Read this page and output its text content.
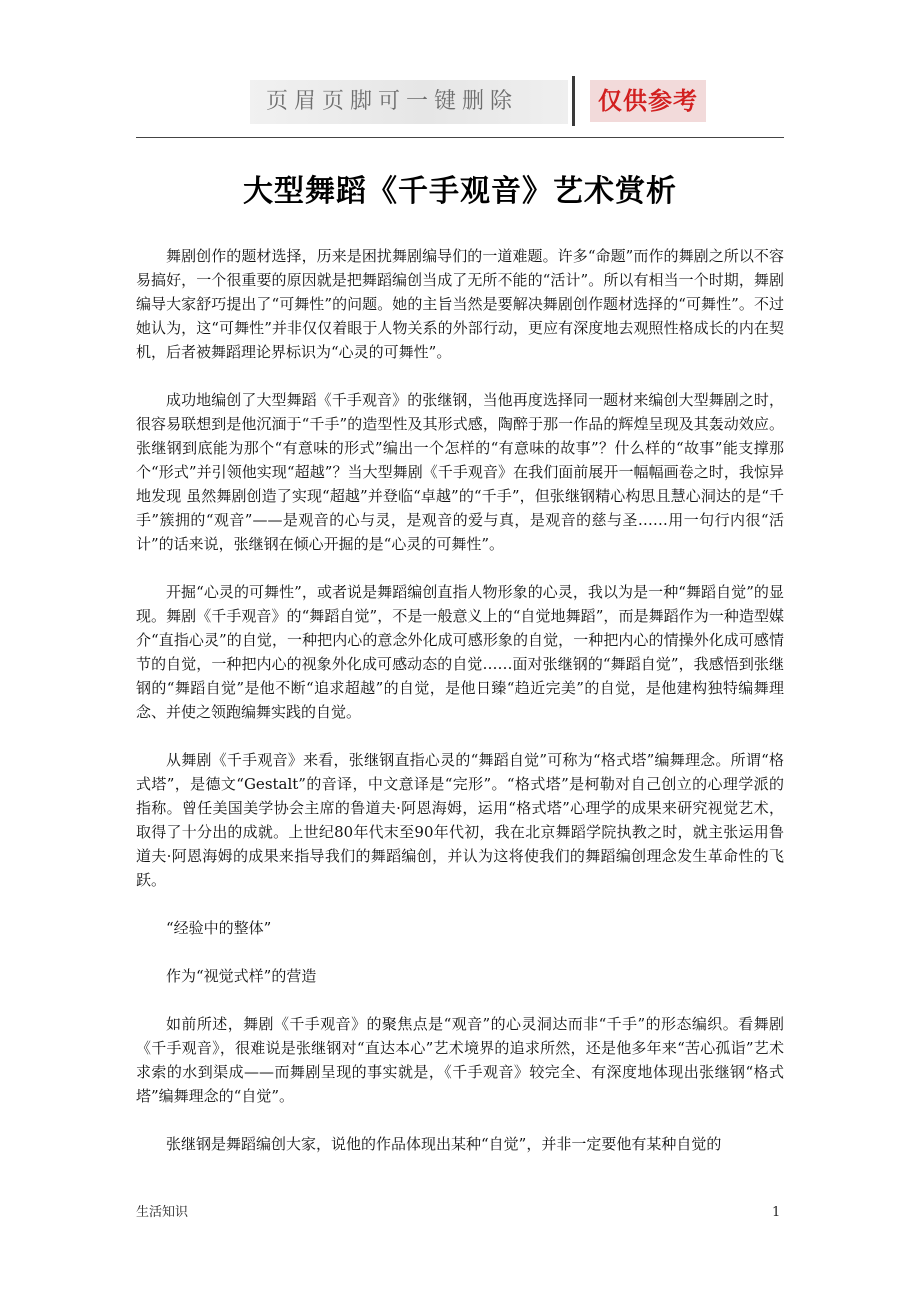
页眉页脚可一键删除	仅供参考
大型舞蹈《千手观音》艺术赏析

舞剧创作的题材选择，历来是困扰舞剧编导们的一道难题。许多“命题”而作的舞剧之所以不容易搞好，一个很重要的原因就是把舞蹈编创当成了无所不能的“活计”。所以有相当一个时期，舞剧编导大家舒巧提出了“可舞性”的问题。她的主旨当然是要解决舞剧创作题材选择的“可舞性”。不过她认为，这“可舞性”并非仅仅着眼于人物关系的外部行动，更应有深度地去观照性格成长的内在契机，后者被舞蹈理论界标识为“心灵的可舞性”。

成功地编创了大型舞蹈《千手观音》的张继钢，当他再度选择同一题材来编创大型舞剧之时，很容易联想到是他沉湎于“千手”的造型性及其形式感，陶醉于那一作品的辉煌呈现及其轰动效应。张继钢到底能为那个“有意味的形式”编出一个怎样的“有意味的故事”？什么样的“故事”能支撑那个“形式”并引领他实现“超越”？当大型舞剧《千手观音》在我们面前展开一幅幅画卷之时，我惊异地发现 虽然舞剧创造了实现“超越”并登临“卓越”的“千手”，但张继钢精心构思且慧心洞达的是“千手”簇拥的“观音”——是观音的心与灵，是观音的爱与真，是观音的慈与圣……用一句行内很“活计”的话来说，张继钢在倾心开掘的是“心灵的可舞性”。

开掘“心灵的可舞性”，或者说是舞蹈编创直指人物形象的心灵，我以为是一种“舞蹈自觉”的显现。舞剧《千手观音》的“舞蹈自觉”，不是一般意义上的“自觉地舞蹈”，而是舞蹈作为一种造型媒介“直指心灵”的自觉，一种把内心的意念外化成可感形象的自觉，一种把内心的情操外化成可感情节的自觉，一种把内心的视象外化成可感动态的自觉……面对张继钢的“舞蹈自觉”，我感悟到张继钢的“舞蹈自觉”是他不断“追求超越”的自觉，是他日臻“趋近完美”的自觉，是他建构独特编舞理念、并使之领跑编舞实践的自觉。

从舞剧《千手观音》来看，张继钢直指心灵的“舞蹈自觉”可称为“格式塔”编舞理念。所谓“格式塔”，是德文“Gestalt”的音译，中文意译是“完形”。“格式塔”是柯勒对自己创立的心理学派的指称。曾任美国美学协会主席的鲁道夫·阿恩海姆，运用“格式塔”心理学的成果来研究视觉艺术，取得了十分出的成就。上世纪80年代末至90年代初，我在北京舞蹈学院执教之时，就主张运用鲁道夫·阿恩海姆的成果来指导我们的舞蹈编创，并认为这将使我们的舞蹈编创理念发生革命性的飞跃。

“经验中的整体”

作为“视觉式样”的营造

如前所述，舞剧《千手观音》的聚焦点是“观音”的心灵洞达而非“千手”的形态编织。看舞剧《千手观音》，很难说是张继钢对“直达本心”艺术境界的追求所然，还是他多年来“苦心孤诣”艺术求索的水到渠成——而舞剧呈现的事实就是，《千手观音》较完全、有深度地体现出张继钢“格式塔”编舞理念的“自觉”。

张继钢是舞蹈编创大家，说他的作品体现出某种“自觉”，并非一定要他有某种自觉的

生活知识	1
